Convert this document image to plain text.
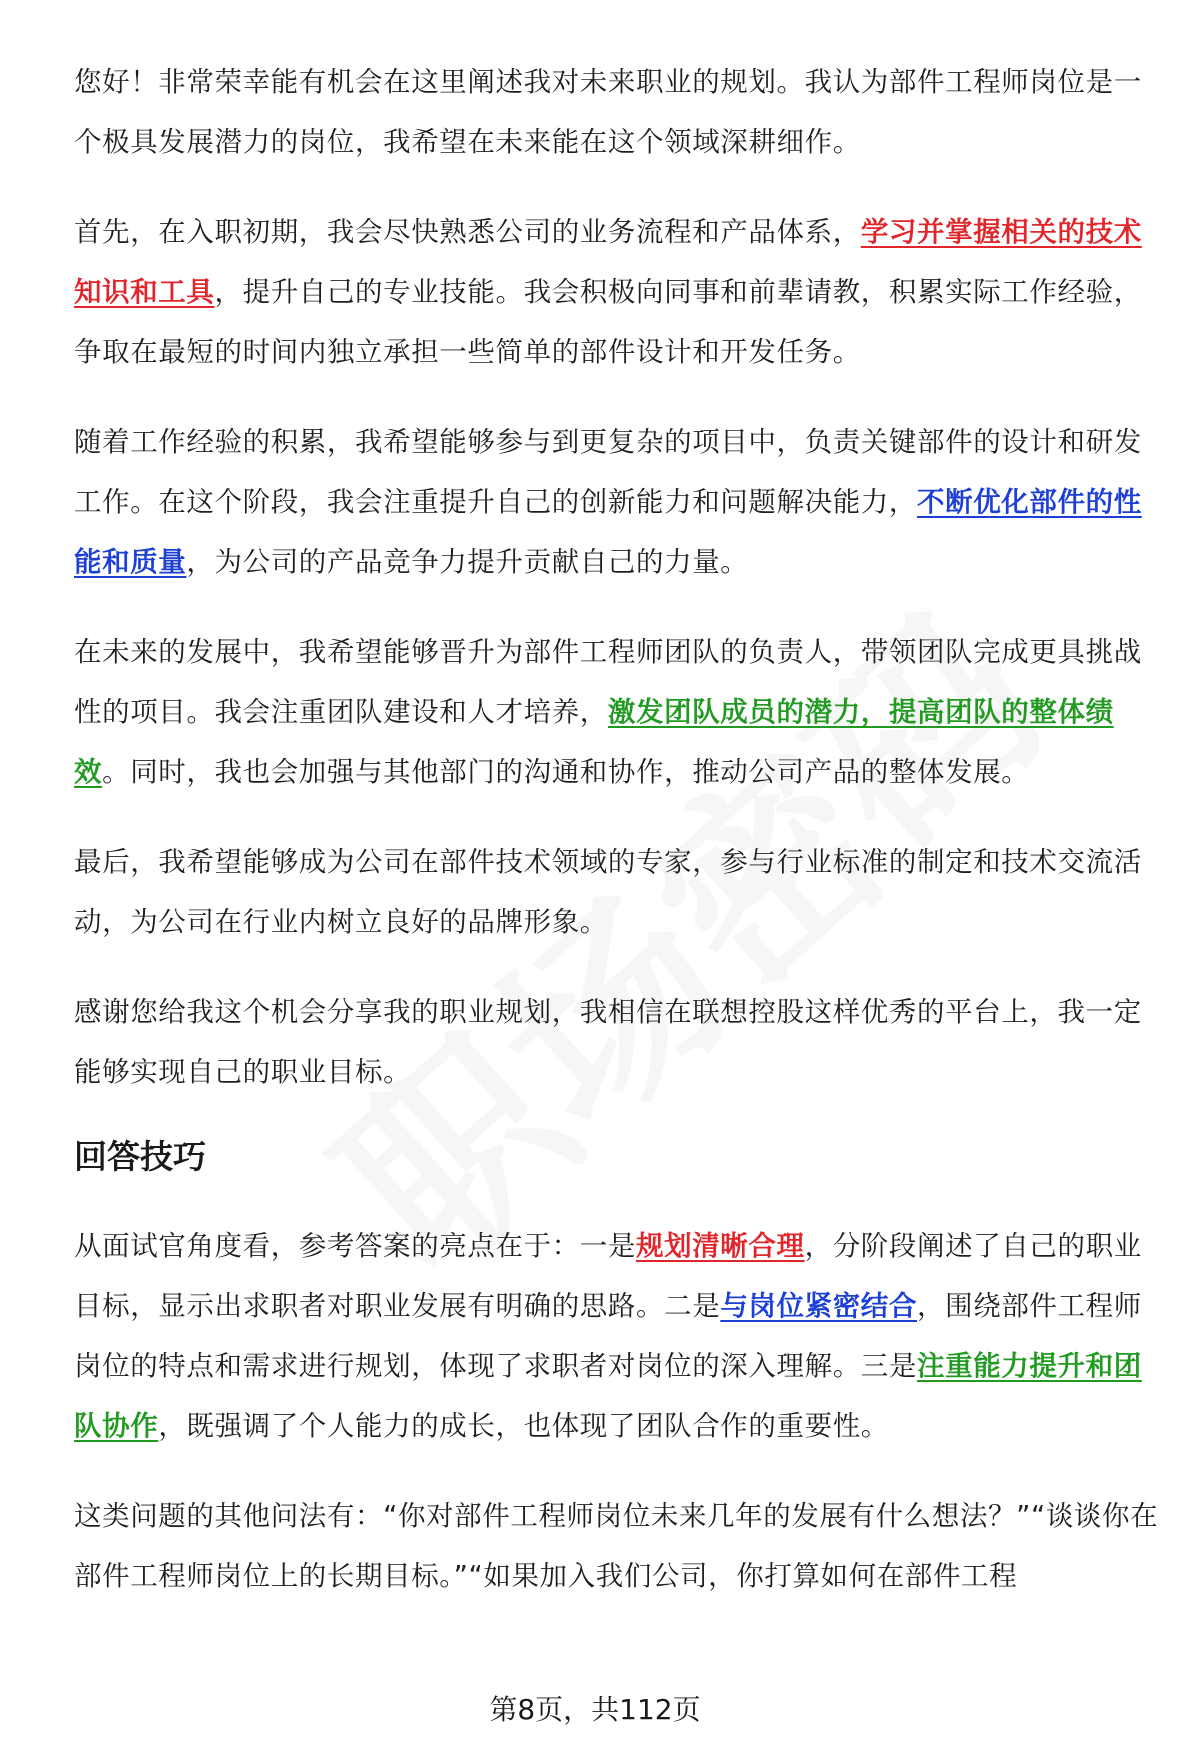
您好！非常荣幸能有机会在这里阐述我对未来职业的规划。我认为部件工程师岗位是一个极具发展潜力的岗位，我希望在未来能在这个领域深耕细作。

首先，在入职初期，我会尽快熟悉公司的业务流程和产品体系，学习并掌握相关的技术知识和工具，提升自己的专业技能。我会积极向同事和前辈请教，积累实际工作经验，争取在最短的时间内独立承担一些简单的部件设计和开发任务。

随着工作经验的积累，我希望能够参与到更复杂的项目中，负责关键部件的设计和研发工作。在这个阶段，我会注重提升自己的创新能力和问题解决能力，不断优化部件的性能和质量，为公司的产品竞争力提升贡献自己的力量。

在未来的发展中，我希望能够晋升为部件工程师团队的负责人，带领团队完成更具挑战性的项目。我会注重团队建设和人才培养，激发团队成员的潜力，提高团队的整体绩效。同时，我也会加强与其他部门的沟通和协作，推动公司产品的整体发展。

最后，我希望能够成为公司在部件技术领域的专家，参与行业标准的制定和技术交流活动，为公司在行业内树立良好的品牌形象。

感谢您给我这个机会分享我的职业规划，我相信在联想控股这样优秀的平台上，我一定能够实现自己的职业目标。

回答技巧

从面试官角度看，参考答案的亮点在于：一是规划清晰合理，分阶段阐述了自己的职业目标，显示出求职者对职业发展有明确的思路。二是与岗位紧密结合，围绕部件工程师岗位的特点和需求进行规划，体现了求职者对岗位的深入理解。三是注重能力提升和团队协作，既强调了个人能力的成长，也体现了团队合作的重要性。

这类问题的其他问法有：“你对部件工程师岗位未来几年的发展有什么想法？”“谈谈你在部件工程师岗位上的长期目标。”“如果加入我们公司，你打算如何在部件工程

第8页，共112页
